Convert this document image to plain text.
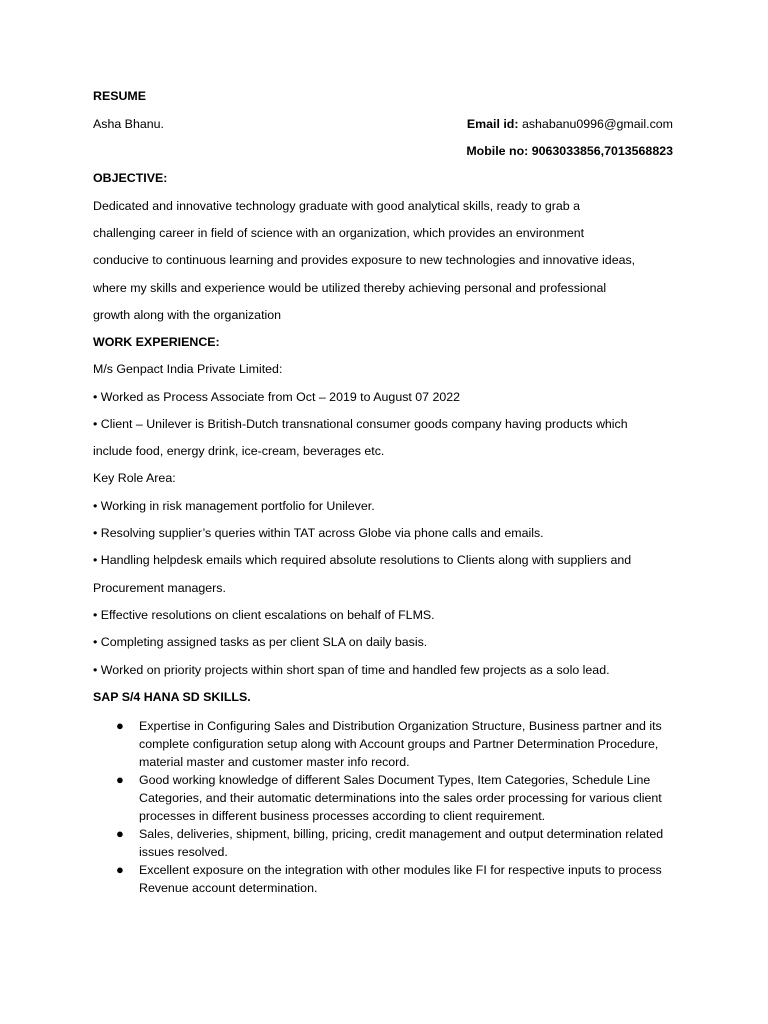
RESUME
Asha Bhanu.	Email id: ashabanu0996@gmail.com
Mobile no: 9063033856,7013568823
OBJECTIVE:
Dedicated and innovative technology graduate with good analytical skills, ready to grab a
challenging career in field of science with an organization, which provides an environment
conducive to continuous learning and provides exposure to new technologies and innovative ideas,
where my skills and experience would be utilized thereby achieving personal and professional
growth along with the organization
WORK EXPERIENCE:
M/s Genpact India Private Limited:
• Worked as Process Associate from Oct – 2019 to August 07 2022
• Client – Unilever is British-Dutch transnational consumer goods company having products which
include food, energy drink, ice-cream, beverages etc.
Key Role Area:
• Working in risk management portfolio for Unilever.
• Resolving supplier’s queries within TAT across Globe via phone calls and emails.
• Handling helpdesk emails which required absolute resolutions to Clients along with suppliers and
Procurement managers.
• Effective resolutions on client escalations on behalf of FLMS.
• Completing assigned tasks as per client SLA on daily basis.
• Worked on priority projects within short span of time and handled few projects as a solo lead.
SAP S/4 HANA SD SKILLS.
● Expertise in Configuring Sales and Distribution Organization Structure, Business partner and its complete configuration setup along with Account groups and Partner Determination Procedure, material master and customer master info record.
● Good working knowledge of different Sales Document Types, Item Categories, Schedule Line Categories, and their automatic determinations into the sales order processing for various client processes in different business processes according to client requirement.
● Sales, deliveries, shipment, billing, pricing, credit management and output determination related issues resolved.
● Excellent exposure on the integration with other modules like FI for respective inputs to process Revenue account determination.
